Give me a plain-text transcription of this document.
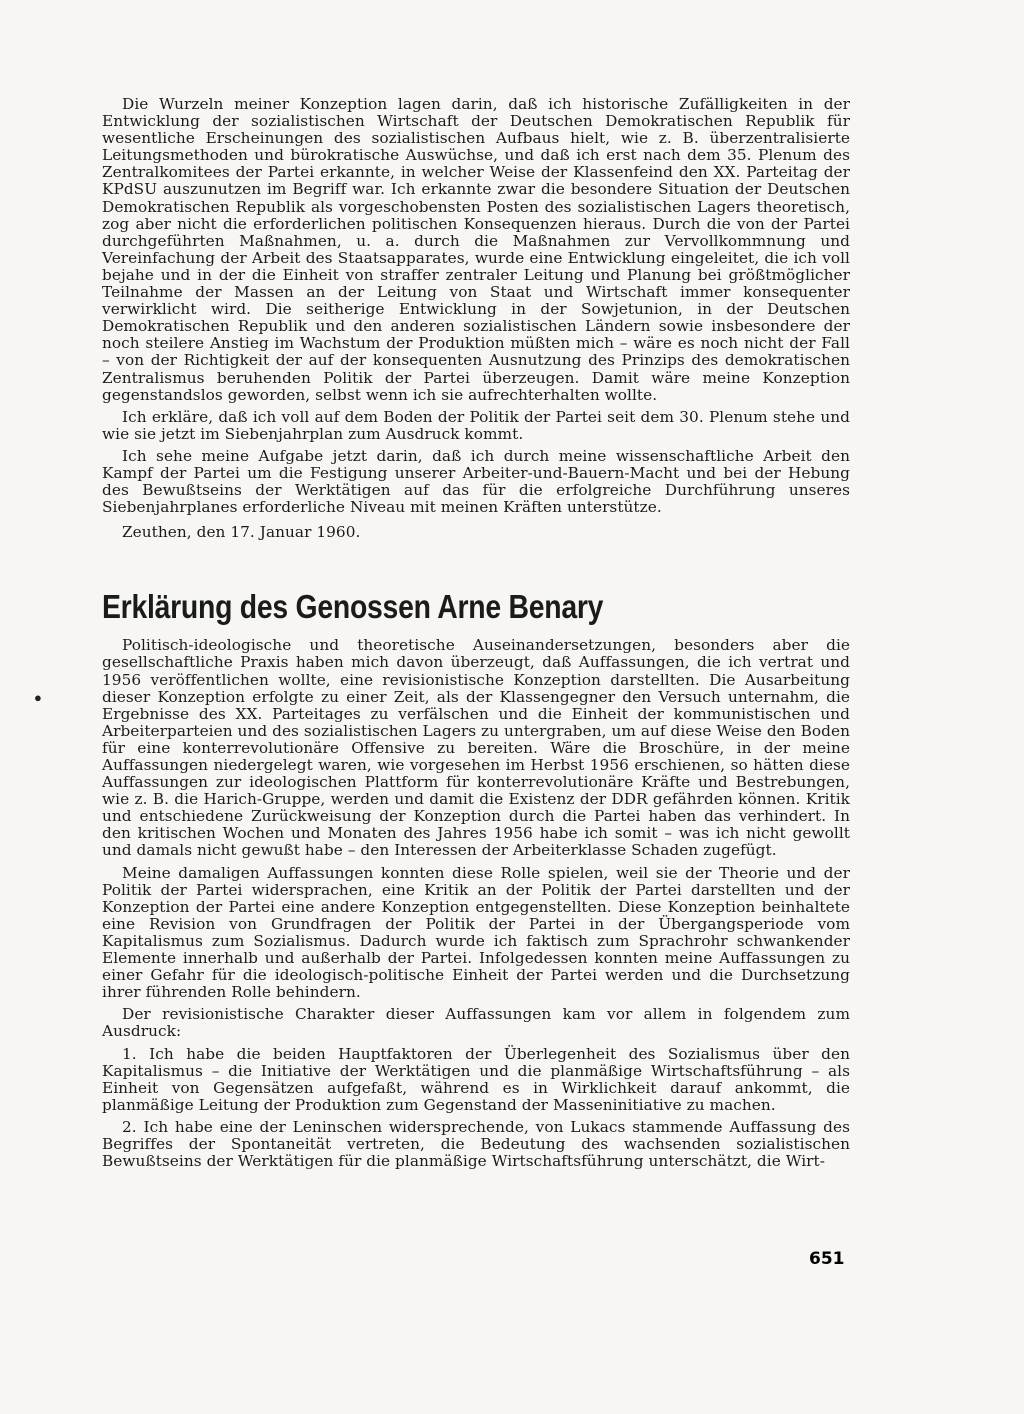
Die Wurzeln meiner Konzeption lagen darin, daß ich historische Zufälligkeiten in der Entwicklung der sozialistischen Wirtschaft der Deutschen Demokratischen Republik für wesentliche Erscheinungen des sozialistischen Aufbaus hielt, wie z. B. überzentralisierte Leitungsmethoden und bürokratische Auswüchse, und daß ich erst nach dem 35. Plenum des Zentralkomitees der Partei erkannte, in welcher Weise der Klassenfeind den XX. Parteitag der KPdSU auszunutzen im Begriff war. Ich erkannte zwar die besondere Situation der Deutschen Demokratischen Republik als vorgeschobensten Posten des sozialistischen Lagers theoretisch, zog aber nicht die erforderlichen politischen Konsequenzen hieraus. Durch die von der Partei durchgeführten Maßnahmen, u. a. durch die Maßnahmen zur Vervollkommnung und Vereinfachung der Arbeit des Staatsapparates, wurde eine Entwicklung eingeleitet, die ich voll bejahe und in der die Einheit von straffer zentraler Leitung und Planung bei größtmöglicher Teilnahme der Massen an der Leitung von Staat und Wirtschaft immer konsequenter verwirklicht wird. Die seitherige Entwicklung in der Sowjetunion, in der Deutschen Demokratischen Republik und den anderen sozialistischen Ländern sowie insbesondere der noch steilere Anstieg im Wachstum der Produktion müßten mich – wäre es noch nicht der Fall – von der Richtigkeit der auf der konsequenten Ausnutzung des Prinzips des demokratischen Zentralismus beruhenden Politik der Partei überzeugen. Damit wäre meine Konzeption gegenstandslos geworden, selbst wenn ich sie aufrechterhalten wollte.

Ich erkläre, daß ich voll auf dem Boden der Politik der Partei seit dem 30. Plenum stehe und wie sie jetzt im Siebenjahrplan zum Ausdruck kommt.

Ich sehe meine Aufgabe jetzt darin, daß ich durch meine wissenschaftliche Arbeit den Kampf der Partei um die Festigung unserer Arbeiter-und-Bauern-Macht und bei der Hebung des Bewußtseins der Werktätigen auf das für die erfolgreiche Durchführung unseres Siebenjahrplanes erforderliche Niveau mit meinen Kräften unterstütze.

Zeuthen, den 17. Januar 1960.

Erklärung des Genossen Arne Benary

Politisch-ideologische und theoretische Auseinandersetzungen, besonders aber die gesellschaftliche Praxis haben mich davon überzeugt, daß Auffassungen, die ich vertrat und 1956 veröffentlichen wollte, eine revisionistische Konzeption darstellten. Die Ausarbeitung dieser Konzeption erfolgte zu einer Zeit, als der Klassengegner den Versuch unternahm, die Ergebnisse des XX. Parteitages zu verfälschen und die Einheit der kommunistischen und Arbeiterparteien und des sozialistischen Lagers zu untergraben, um auf diese Weise den Boden für eine konterrevolutionäre Offensive zu bereiten. Wäre die Broschüre, in der meine Auffassungen niedergelegt waren, wie vorgesehen im Herbst 1956 erschienen, so hätten diese Auffassungen zur ideologischen Plattform für konterrevolutionäre Kräfte und Bestrebungen, wie z. B. die Harich-Gruppe, werden und damit die Existenz der DDR gefährden können. Kritik und entschiedene Zurückweisung der Konzeption durch die Partei haben das verhindert. In den kritischen Wochen und Monaten des Jahres 1956 habe ich somit – was ich nicht gewollt und damals nicht gewußt habe – den Interessen der Arbeiterklasse Schaden zugefügt.

Meine damaligen Auffassungen konnten diese Rolle spielen, weil sie der Theorie und der Politik der Partei widersprachen, eine Kritik an der Politik der Partei darstellten und der Konzeption der Partei eine andere Konzeption entgegenstellten. Diese Konzeption beinhaltete eine Revision von Grundfragen der Politik der Partei in der Übergangsperiode vom Kapitalismus zum Sozialismus. Dadurch wurde ich faktisch zum Sprachrohr schwankender Elemente innerhalb und außerhalb der Partei. Infolgedessen konnten meine Auffassungen zu einer Gefahr für die ideologisch-politische Einheit der Partei werden und die Durchsetzung ihrer führenden Rolle behindern.

Der revisionistische Charakter dieser Auffassungen kam vor allem in folgendem zum Ausdruck:

1. Ich habe die beiden Hauptfaktoren der Überlegenheit des Sozialismus über den Kapitalismus – die Initiative der Werktätigen und die planmäßige Wirtschaftsführung – als Einheit von Gegensätzen aufgefaßt, während es in Wirklichkeit darauf ankommt, die planmäßige Leitung der Produktion zum Gegenstand der Masseninitiative zu machen.

2. Ich habe eine der Leninschen widersprechende, von Lukacs stammende Auffassung des Begriffes der Spontaneität vertreten, die Bedeutung des wachsenden sozialistischen Bewußtseins der Werktätigen für die planmäßige Wirtschaftsführung unterschätzt, die Wirt-

●
651
